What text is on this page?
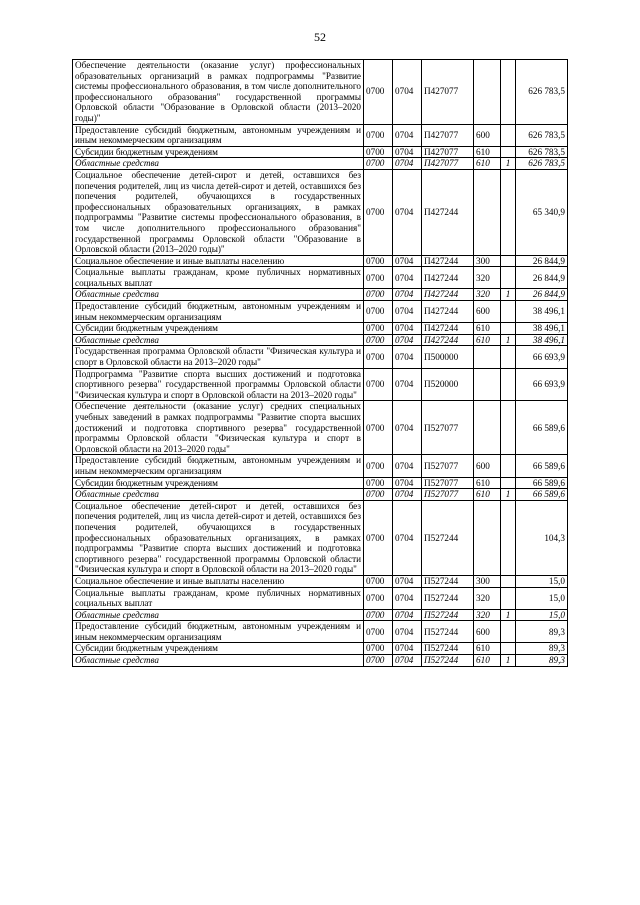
52
Обеспечение деятельности (оказание услуг) профессиональных образовательных организаций в рамках подпрограммы "Развитие системы профессионального образования, в том числе дополнительного профессионального образования" государственной программы Орловской области "Образование в Орловской области (2013–2020 годы)"	0700	0704	П427077			626 783,5
Предоставление субсидий бюджетным, автономным учреждениям и иным некоммерческим организациям	0700	0704	П427077	600		626 783,5
Субсидии бюджетным учреждениям	0700	0704	П427077	610		626 783,5
Областные средства	0700	0704	П427077	610	1	626 783,5
Социальное обеспечение детей-сирот и детей, оставшихся без попечения родителей, лиц из числа детей-сирот и детей, оставшихся без попечения родителей, обучающихся в государственных профессиональных образовательных организациях, в рамках подпрограммы "Развитие системы профессионального образования, в том числе дополнительного профессионального образования" государственной программы Орловской области "Образование в Орловской области (2013–2020 годы)"	0700	0704	П427244			65 340,9
Социальное обеспечение и иные выплаты населению	0700	0704	П427244	300		26 844,9
Социальные выплаты гражданам, кроме публичных нормативных социальных выплат	0700	0704	П427244	320		26 844,9
Областные средства	0700	0704	П427244	320	1	26 844,9
Предоставление субсидий бюджетным, автономным учреждениям и иным некоммерческим организациям	0700	0704	П427244	600		38 496,1
Субсидии бюджетным учреждениям	0700	0704	П427244	610		38 496,1
Областные средства	0700	0704	П427244	610	1	38 496,1
Государственная программа Орловской области "Физическая культура и спорт в Орловской области на 2013–2020 годы"	0700	0704	П500000			66 693,9
Подпрограмма "Развитие спорта высших достижений и подготовка спортивного резерва" государственной программы Орловской области "Физическая культура и спорт в Орловской области на 2013–2020 годы"	0700	0704	П520000			66 693,9
Обеспечение деятельности (оказание услуг) средних специальных учебных заведений в рамках подпрограммы "Развитие спорта высших достижений и подготовка спортивного резерва" государственной программы Орловской области "Физическая культура и спорт в Орловской области на 2013–2020 годы"	0700	0704	П527077			66 589,6
Предоставление субсидий бюджетным, автономным учреждениям и иным некоммерческим организациям	0700	0704	П527077	600		66 589,6
Субсидии бюджетным учреждениям	0700	0704	П527077	610		66 589,6
Областные средства	0700	0704	П527077	610	1	66 589,6
Социальное обеспечение детей-сирот и детей, оставшихся без попечения родителей, лиц из числа детей-сирот и детей, оставшихся без попечения родителей, обучающихся в государственных профессиональных образовательных организациях, в рамках подпрограммы "Развитие спорта высших достижений и подготовка спортивного резерва" государственной программы Орловской области "Физическая культура и спорт в Орловской области на 2013–2020 годы"	0700	0704	П527244			104,3
Социальное обеспечение и иные выплаты населению	0700	0704	П527244	300		15,0
Социальные выплаты гражданам, кроме публичных нормативных социальных выплат	0700	0704	П527244	320		15,0
Областные средства	0700	0704	П527244	320	1	15,0
Предоставление субсидий бюджетным, автономным учреждениям и иным некоммерческим организациям	0700	0704	П527244	600		89,3
Субсидии бюджетным учреждениям	0700	0704	П527244	610		89,3
Областные средства	0700	0704	П527244	610	1	89,3
